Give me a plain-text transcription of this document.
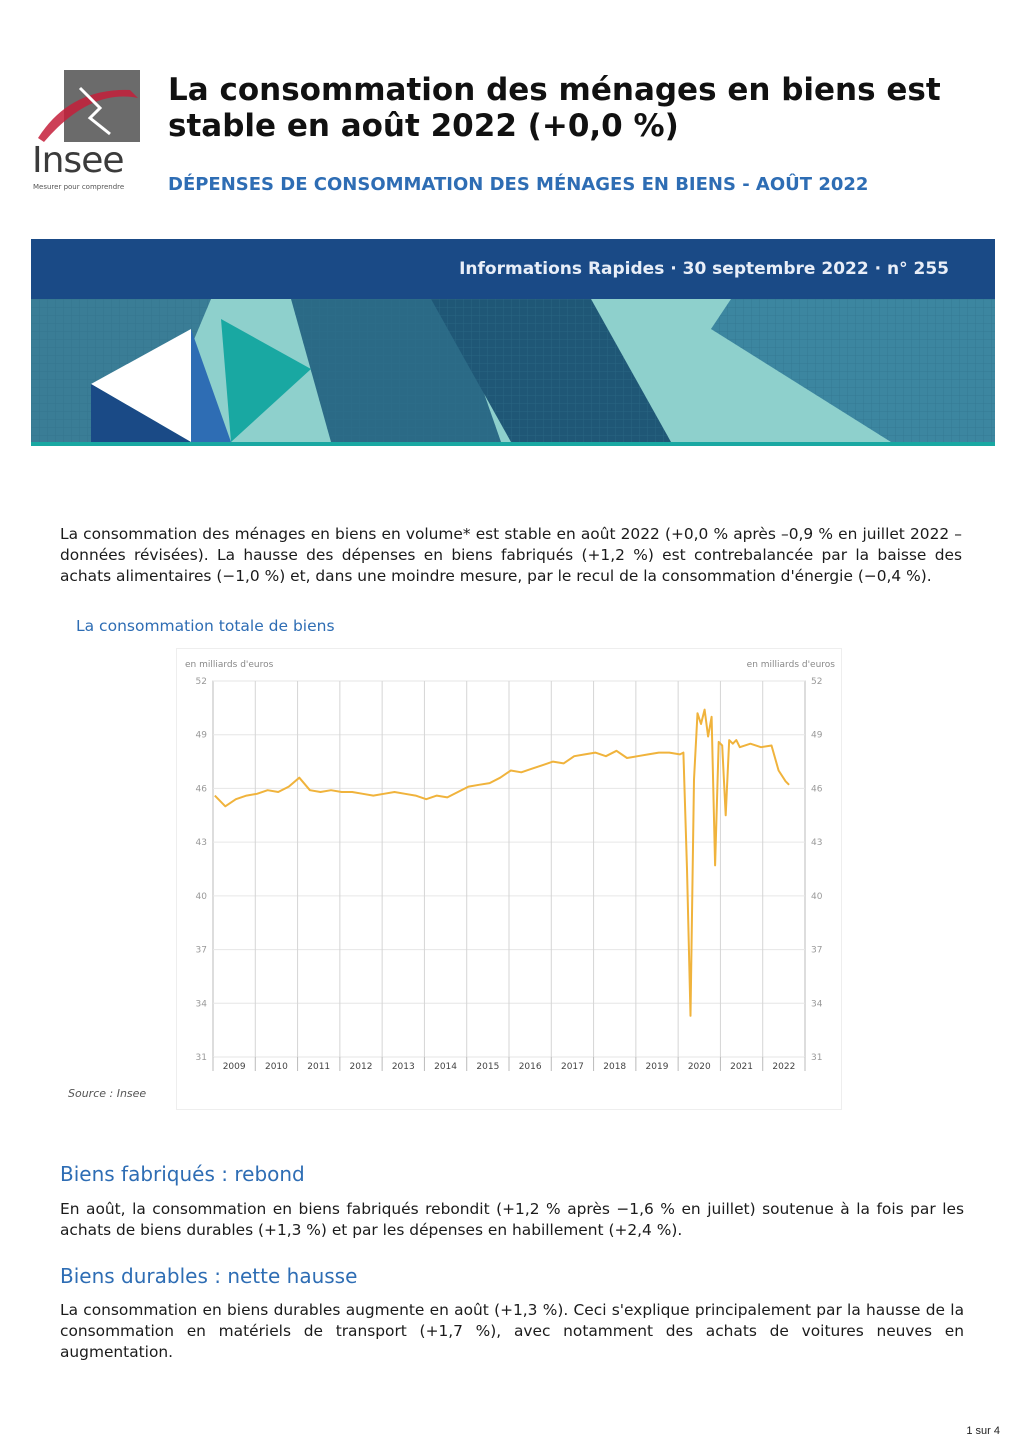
Insee
Mesurer pour comprendre
La consommation des ménages en biens est stable en août 2022 (+0,0 %)
DÉPENSES DE CONSOMMATION DES MÉNAGES EN BIENS - AOÛT 2022
Informations Rapides · 30 septembre 2022 · n° 255

La consommation des ménages en biens en volume* est stable en août 2022 (+0,0 % après –0,9 % en juillet 2022 – données révisées). La hausse des dépenses en biens fabriqués (+1,2 %) est contrebalancée par la baisse des achats alimentaires (−1,0 %) et, dans une moindre mesure, par le recul de la consommation d'énergie (−0,4 %).

La consommation totale de biens
en milliards d'euros	en milliards d'euros
52
49
46
43
40
37
34
31
52
49
46
43
40
37
34
31
2009 2010 2011 2012 2013 2014 2015 2016 2017 2018 2019 2020 2021 2022
Source : Insee
Biens fabriqués : rebond

En août, la consommation en biens fabriqués rebondit (+1,2 % après −1,6 % en juillet) soutenue à la fois par les achats de biens durables (+1,3 %) et par les dépenses en habillement (+2,4 %).

Biens durables : nette hausse

La consommation en biens durables augmente en août (+1,3 %). Ceci s'explique principalement par la hausse de la consommation en matériels de transport (+1,7 %), avec notamment des achats de voitures neuves en augmentation.

1 sur 4
